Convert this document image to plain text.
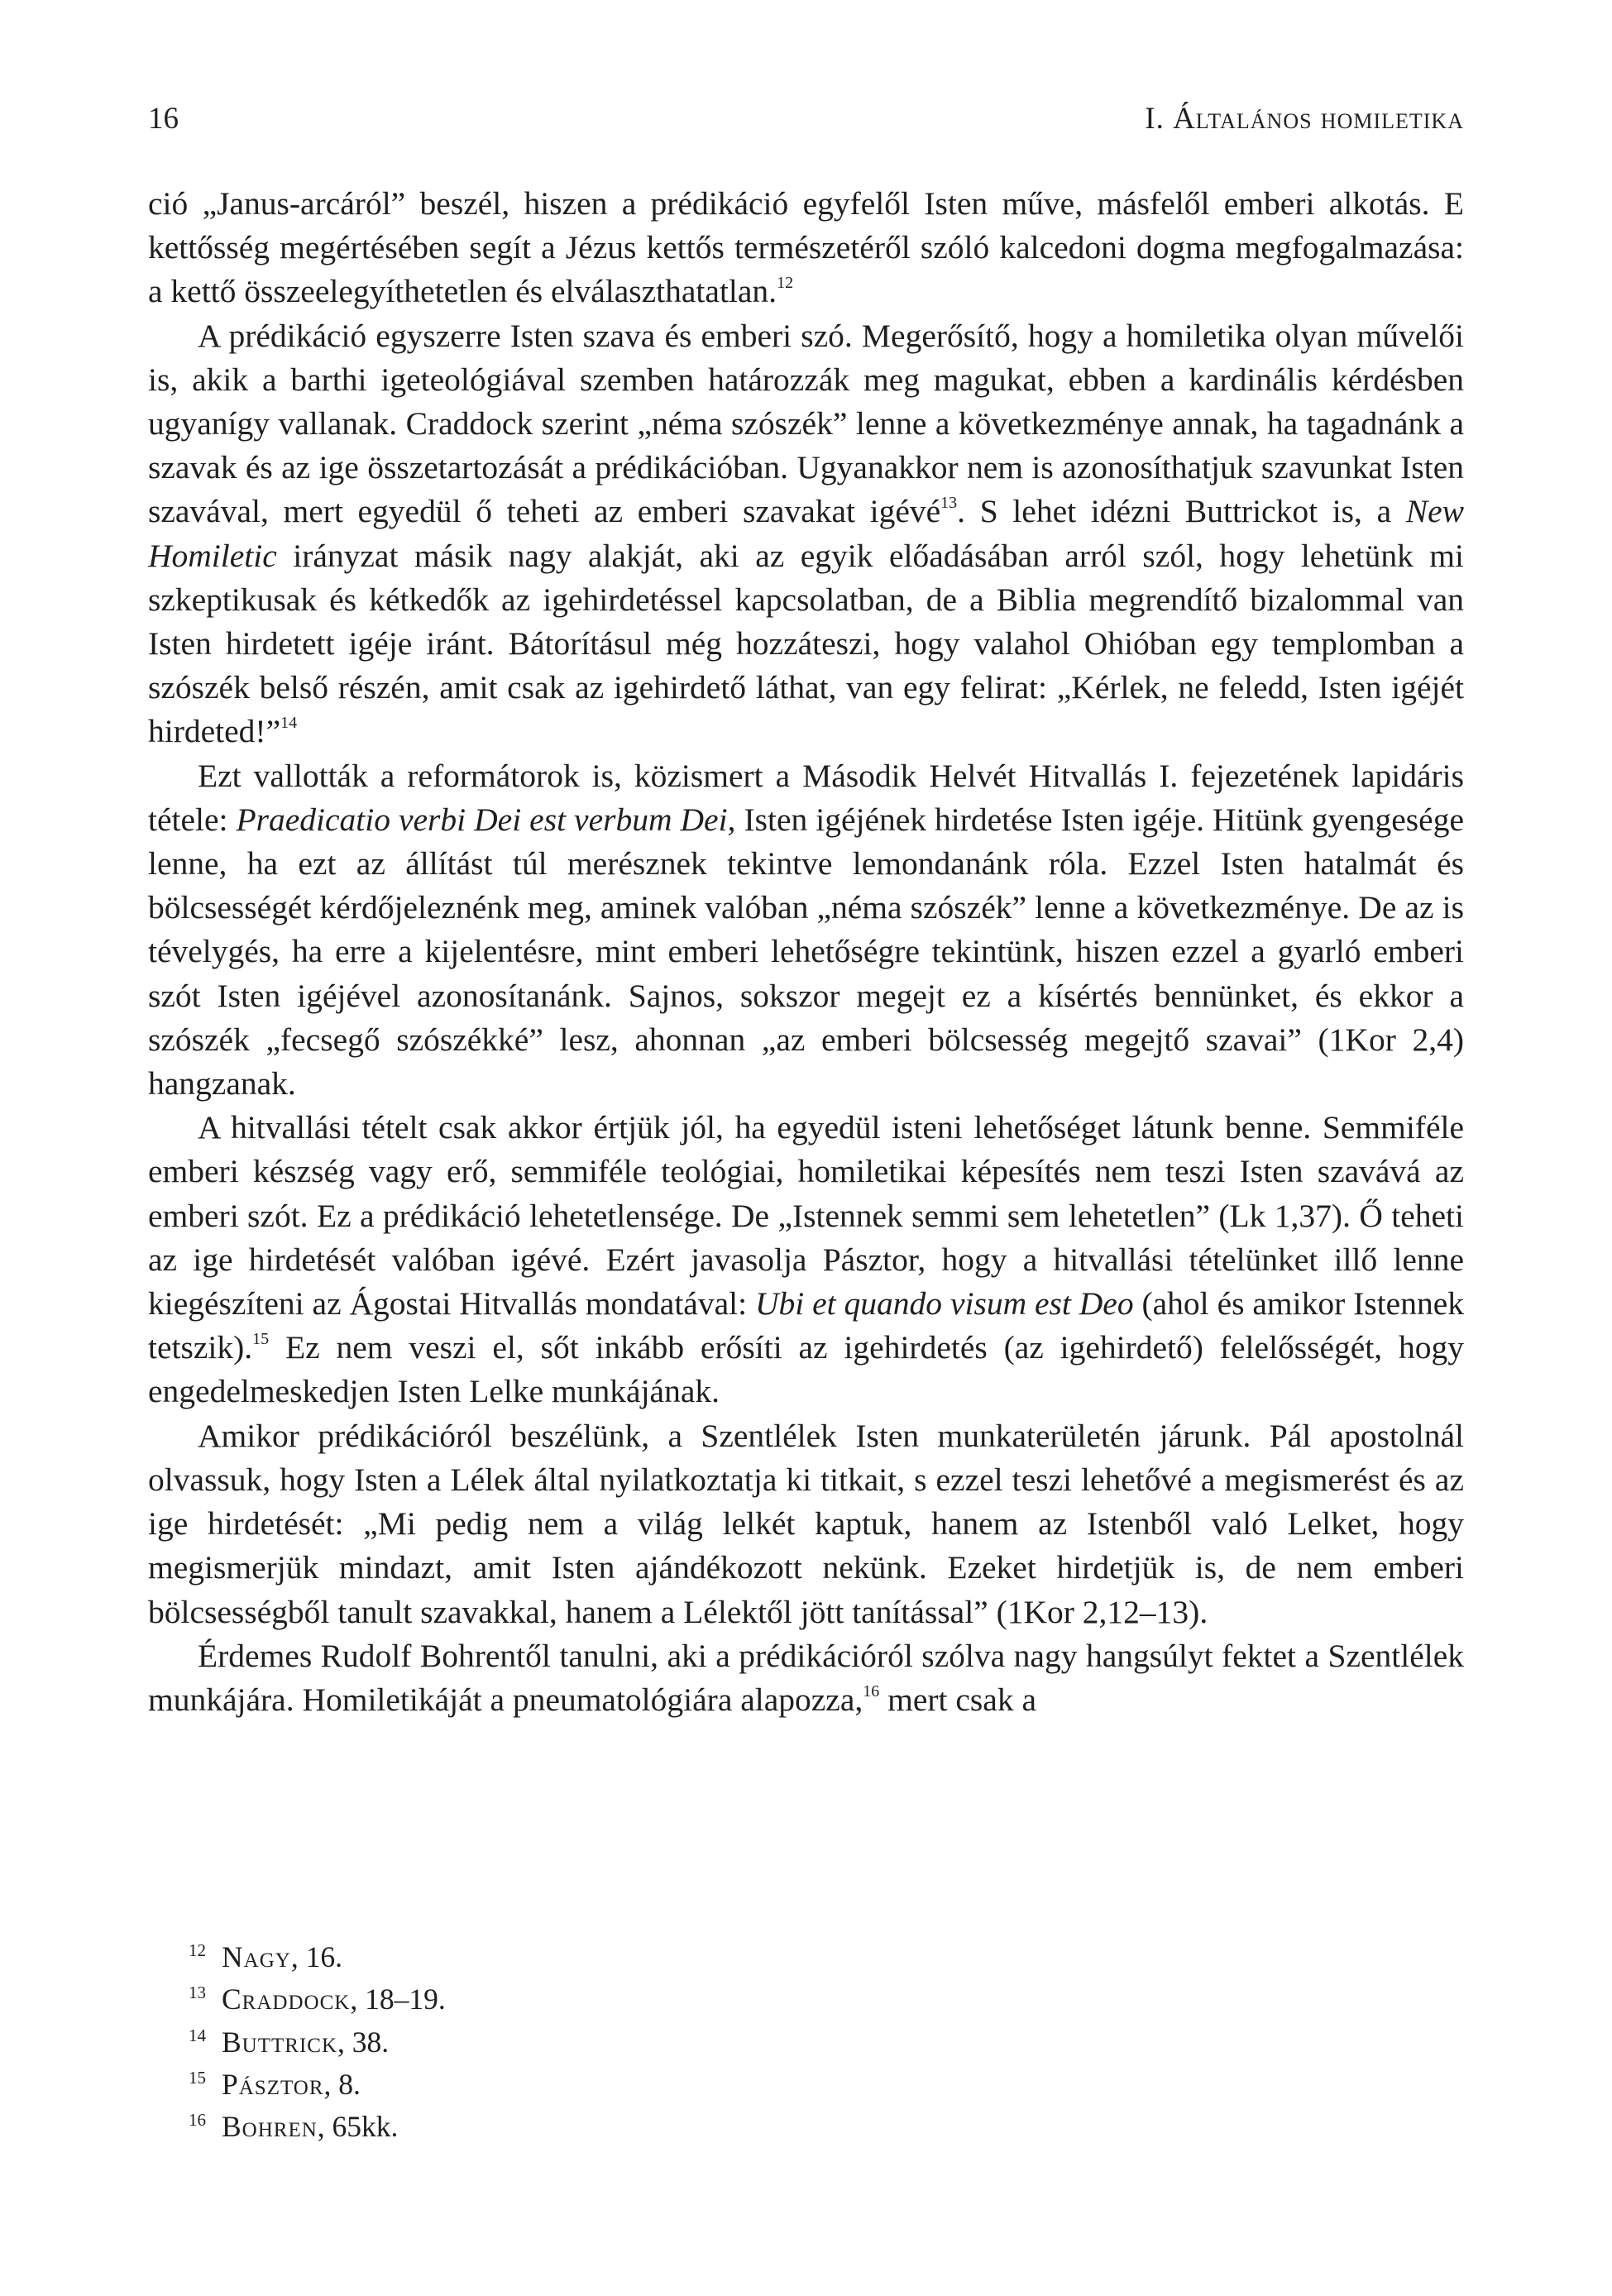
16	I. Általános homiletika

ció „Janus-arcáról” beszél, hiszen a prédikáció egyfelől Isten műve, másfelől emberi alkotás. E kettősség megértésében segít a Jézus kettős természetéről szóló kalcedoni dogma megfogalmazása: a kettő összeelegyíthetetlen és elválaszthatatlan.$^{12}$

A prédikáció egyszerre Isten szava és emberi szó. Megerősítő, hogy a homiletika olyan művelői is, akik a barthi igeteológiával szemben határozzák meg magukat, ebben a kardinális kérdésben ugyanígy vallanak. Craddock szerint „néma szószék” lenne a következménye annak, ha tagadnánk a szavak és az ige összetartozását a prédikációban. Ugyanakkor nem is azonosíthatjuk szavunkat Isten szavával, mert egyedül ő teheti az emberi szavakat igévé$^{13}$. S lehet idézni Buttrickot is, a New Homiletic irányzat másik nagy alakját, aki az egyik előadásában arról szól, hogy lehetünk mi szkeptikusak és kétkedők az igehirdetéssel kapcsolatban, de a Biblia megrendítő bizalommal van Isten hirdetett igéje iránt. Bátorításul még hozzáteszi, hogy valahol Ohióban egy templomban a szószék belső részén, amit csak az igehirdető láthat, van egy felirat: „Kérlek, ne feledd, Isten igéjét hirdeted!”$^{14}$

Ezt vallották a reformátorok is, közismert a Második Helvét Hitvallás I. fejezetének lapidáris tétele: Praedicatio verbi Dei est verbum Dei, Isten igéjének hirdetése Isten igéje. Hitünk gyengesége lenne, ha ezt az állítást túl merésznek tekintve lemondanánk róla. Ezzel Isten hatalmát és bölcsességét kérdőjeleznénk meg, aminek valóban „néma szószék” lenne a következménye. De az is tévelygés, ha erre a kijelentésre, mint emberi lehetőségre tekintünk, hiszen ezzel a gyarló emberi szót Isten igéjével azonosítanánk. Sajnos, sokszor megejt ez a kísértés bennünket, és ekkor a szószék „fecsegő szószékké” lesz, ahonnan „az emberi bölcsesség megejtő szavai” (1Kor 2,4) hangzanak.

A hitvallási tételt csak akkor értjük jól, ha egyedül isteni lehetőséget látunk benne. Semmiféle emberi készség vagy erő, semmiféle teológiai, homiletikai képesítés nem teszi Isten szavává az emberi szót. Ez a prédikáció lehetetlensége. De „Istennek semmi sem lehetetlen” (Lk 1,37). Ő teheti az ige hirdetését valóban igévé. Ezért javasolja Pásztor, hogy a hitvallási tételünket illő lenne kiegészíteni az Ágostai Hitvallás mondatával: Ubi et quando visum est Deo (ahol és amikor Istennek tetszik).$^{15}$ Ez nem veszi el, sőt inkább erősíti az igehirdetés (az igehirdető) felelősségét, hogy engedelmeskedjen Isten Lelke munkájának.

Amikor prédikációról beszélünk, a Szentlélek Isten munkaterületén járunk. Pál apostolnál olvassuk, hogy Isten a Lélek által nyilatkoztatja ki titkait, s ezzel teszi lehetővé a megismerést és az ige hirdetését: „Mi pedig nem a világ lelkét kaptuk, hanem az Istenből való Lelket, hogy megismerjük mindazt, amit Isten ajándékozott nekünk. Ezeket hirdetjük is, de nem emberi bölcsességből tanult szavakkal, hanem a Lélektől jött tanítással” (1Kor 2,12–13).

Érdemes Rudolf Bohrentől tanulni, aki a prédikációról szólva nagy hangsúlyt fektet a Szentlélek munkájára. Homiletikáját a pneumatológiára alapozza,$^{16}$ mert csak a

12 Nagy, 16.
13 Craddock, 18–19.
14 Buttrick, 38.
15 Pásztor, 8.
16 Bohren, 65kk.
